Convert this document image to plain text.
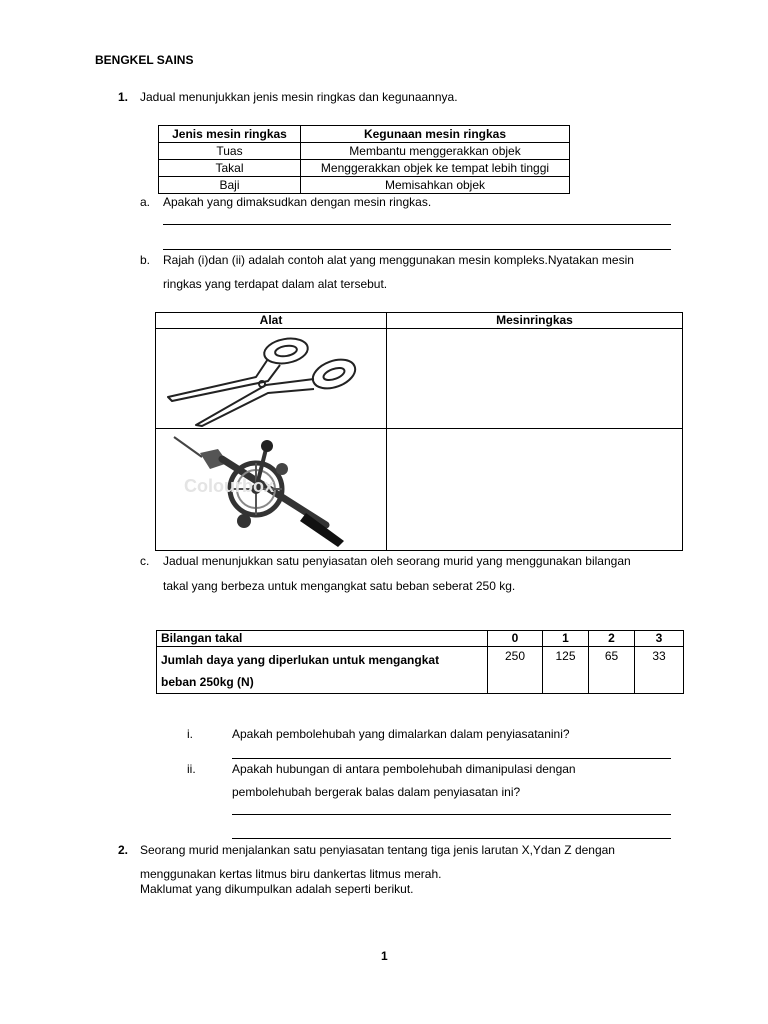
BENGKEL SAINS
1. Jadual menunjukkan jenis mesin ringkas dan kegunaannya.
Jenis mesin ringkas	Kegunaan mesin ringkas
Tuas	Membantu menggerakkan objek
Takal	Menggerakkan objek ke tempat lebih tinggi
Baji	Memisahkan objek
a. Apakah yang dimaksudkan dengan mesin ringkas.
b. Rajah (i)dan (ii) adalah contoh alat yang menggunakan mesin kompleks.Nyatakan mesin
ringkas yang terdapat dalam alat tersebut.
Alat	Mesinringkas

Colourbox	

c. Jadual menunjukkan satu penyiasatan oleh seorang murid yang menggunakan bilangan
takal yang berbeza untuk mengangkat satu beban seberat 250 kg.
Bilangan takal	0	1	2	3

Jumlah daya yang diperlukan untuk mengangkat
beban 250kg (N)	250	125	65	33
i.	Apakah pembolehubah yang dimalarkan dalam penyiasatanini?
ii.	Apakah hubungan di antara pembolehubah dimanipulasi dengan
pembolehubah bergerak balas dalam penyiasatan ini?
2. Seorang murid menjalankan satu penyiasatan tentang tiga jenis larutan X,Ydan Z dengan
menggunakan kertas litmus biru dankertas litmus merah.
Maklumat yang dikumpulkan adalah seperti berikut.
1
